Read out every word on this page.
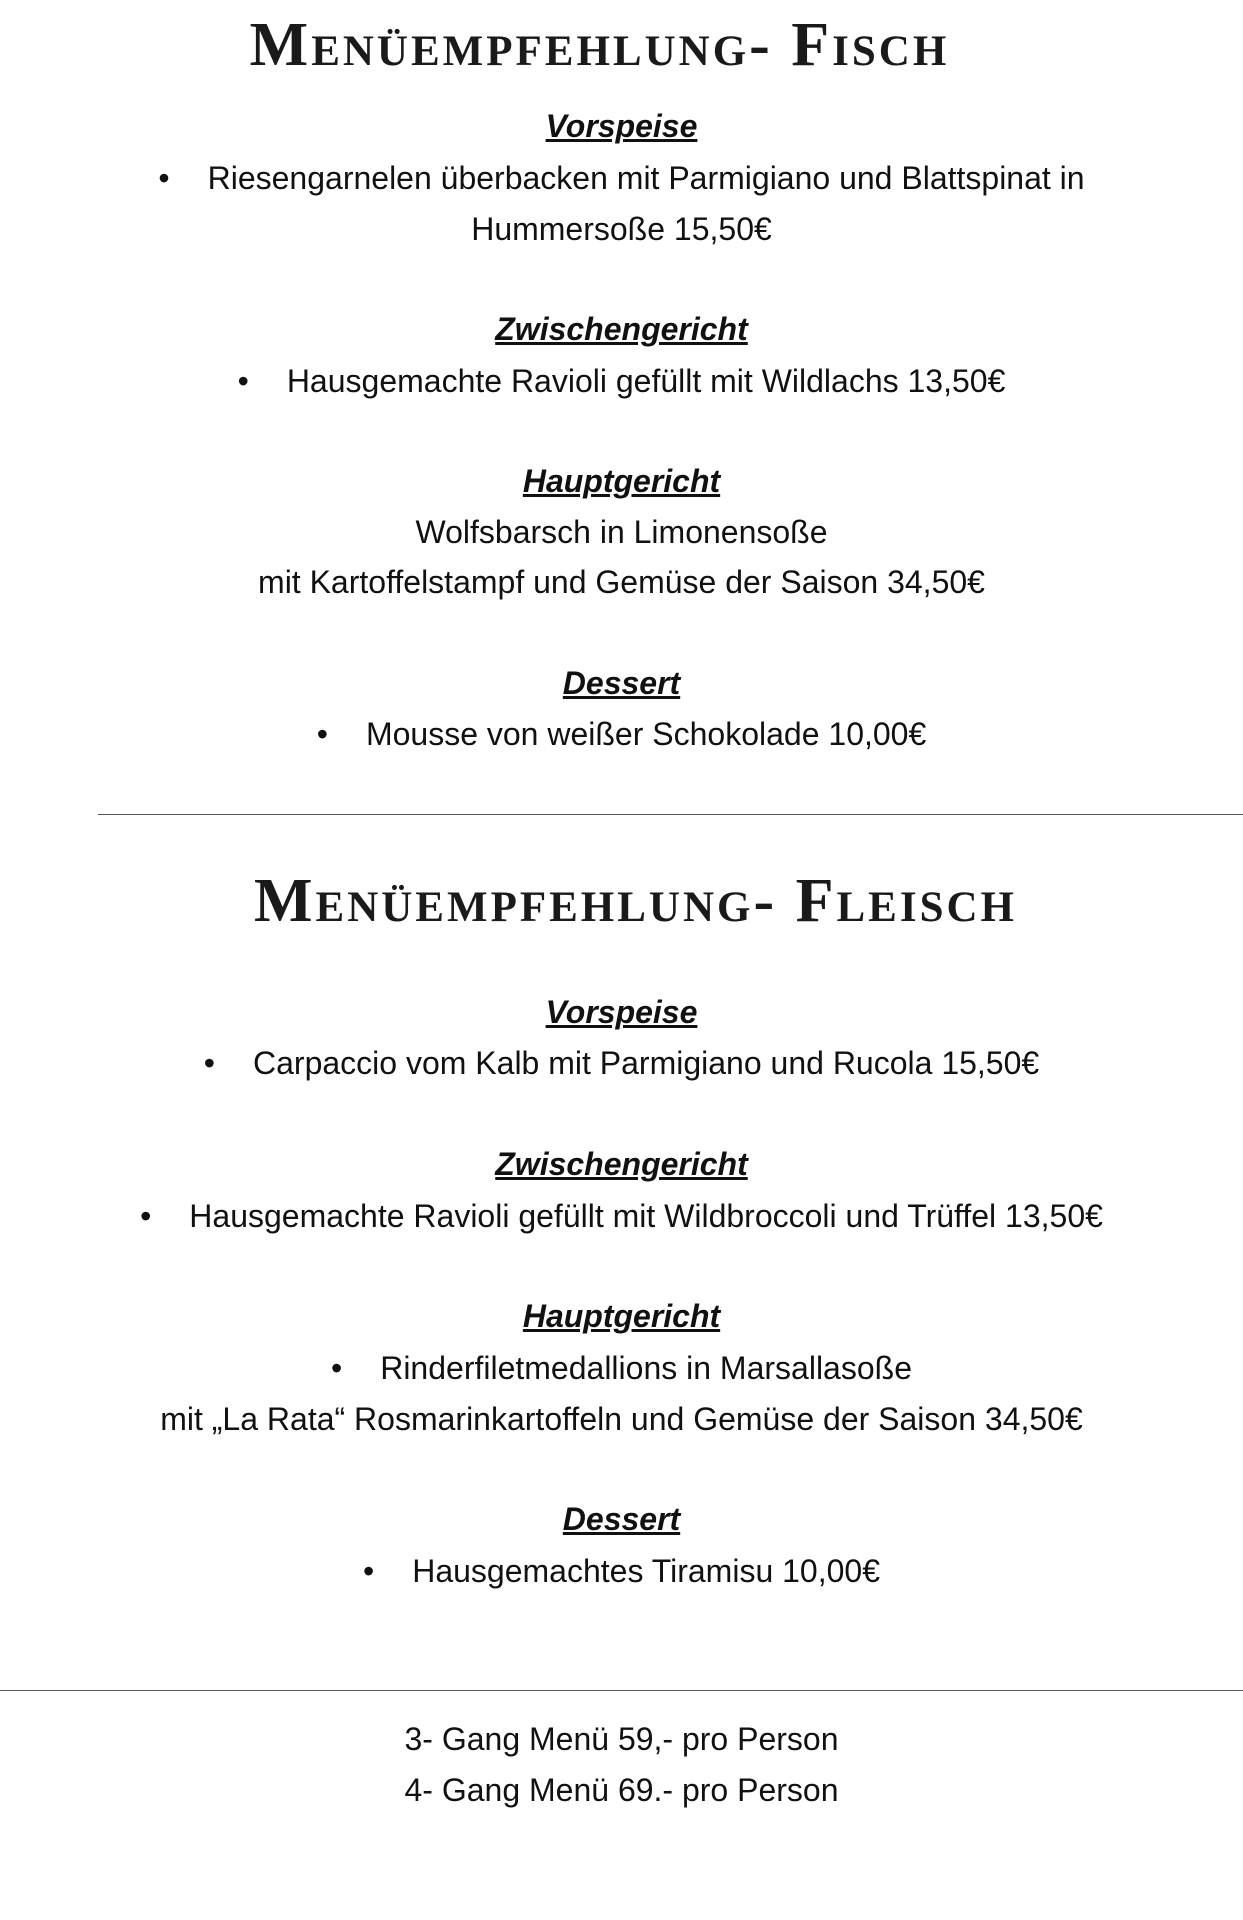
Menüempfehlung- Fisch
Vorspeise
• Riesengarnelen überbacken mit Parmigiano und Blattspinat in
Hummersoße 15,50€
Zwischengericht
• Hausgemachte Ravioli gefüllt mit Wildlachs 13,50€
Hauptgericht
Wolfsbarsch in Limonensoße
mit Kartoffelstampf und Gemüse der Saison 34,50€
Dessert
• Mousse von weißer Schokolade 10,00€
Menüempfehlung- Fleisch
Vorspeise
• Carpaccio vom Kalb mit Parmigiano und Rucola 15,50€
Zwischengericht
• Hausgemachte Ravioli gefüllt mit Wildbroccoli und Trüffel 13,50€
Hauptgericht
• Rinderfiletmedallions in Marsallasoße
mit „La Rata“ Rosmarinkartoffeln und Gemüse der Saison 34,50€
Dessert
• Hausgemachtes Tiramisu 10,00€
3- Gang Menü 59,- pro Person
4- Gang Menü 69.- pro Person
